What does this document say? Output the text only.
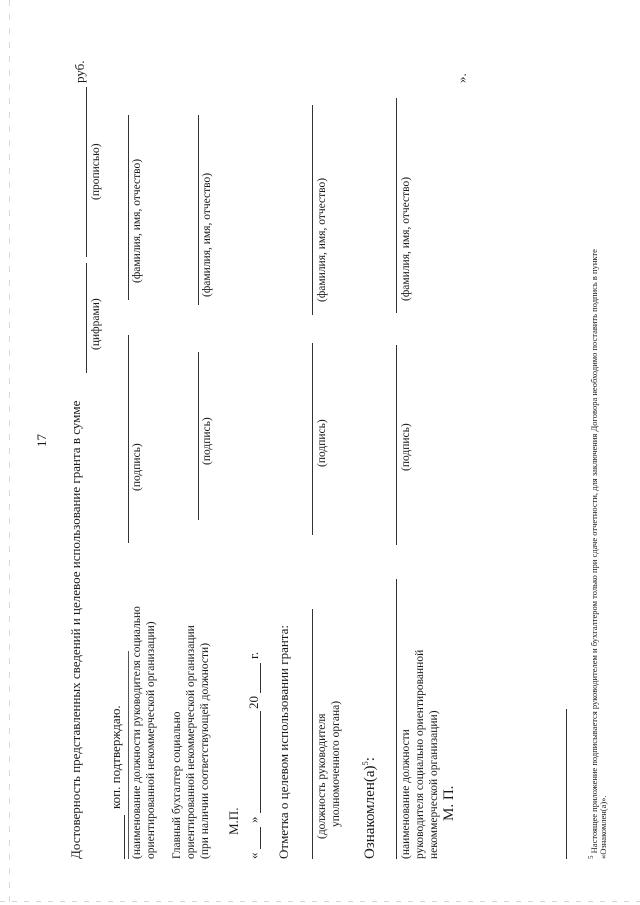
17 Достоверность представленных сведений и целевое использование гранта в сумме
руб.
(цифрами)
(прописью)
коп. подтверждаю. (наименование должности руководителя социально ориентированной некоммерческой организации)
(подпись)
(фамилия, имя, отчество)
Главный бухгалтер социально ориентированной некоммерческой организации (при наличии соответствующей должности)
(подпись)
(фамилия, имя, отчество)
М.П.
«
»
20
г. Отметка о целевом использовании гранта: (должность руководителя уполномоченного органа)
(подпись)
(фамилия, имя, отчество)
$Ознакомлен(а)^5$: (наименование должности руководителя социально ориентированной некоммерческой организации) М. П.
(подпись)
(фамилия, имя, отчество)
».
$^5$ Настоящее приложение подписывается руководителем и бухгалтером только при сдаче отчетности, для заключения Договора необходимо поставить подпись в пункте «Ознакомлен(а)».
